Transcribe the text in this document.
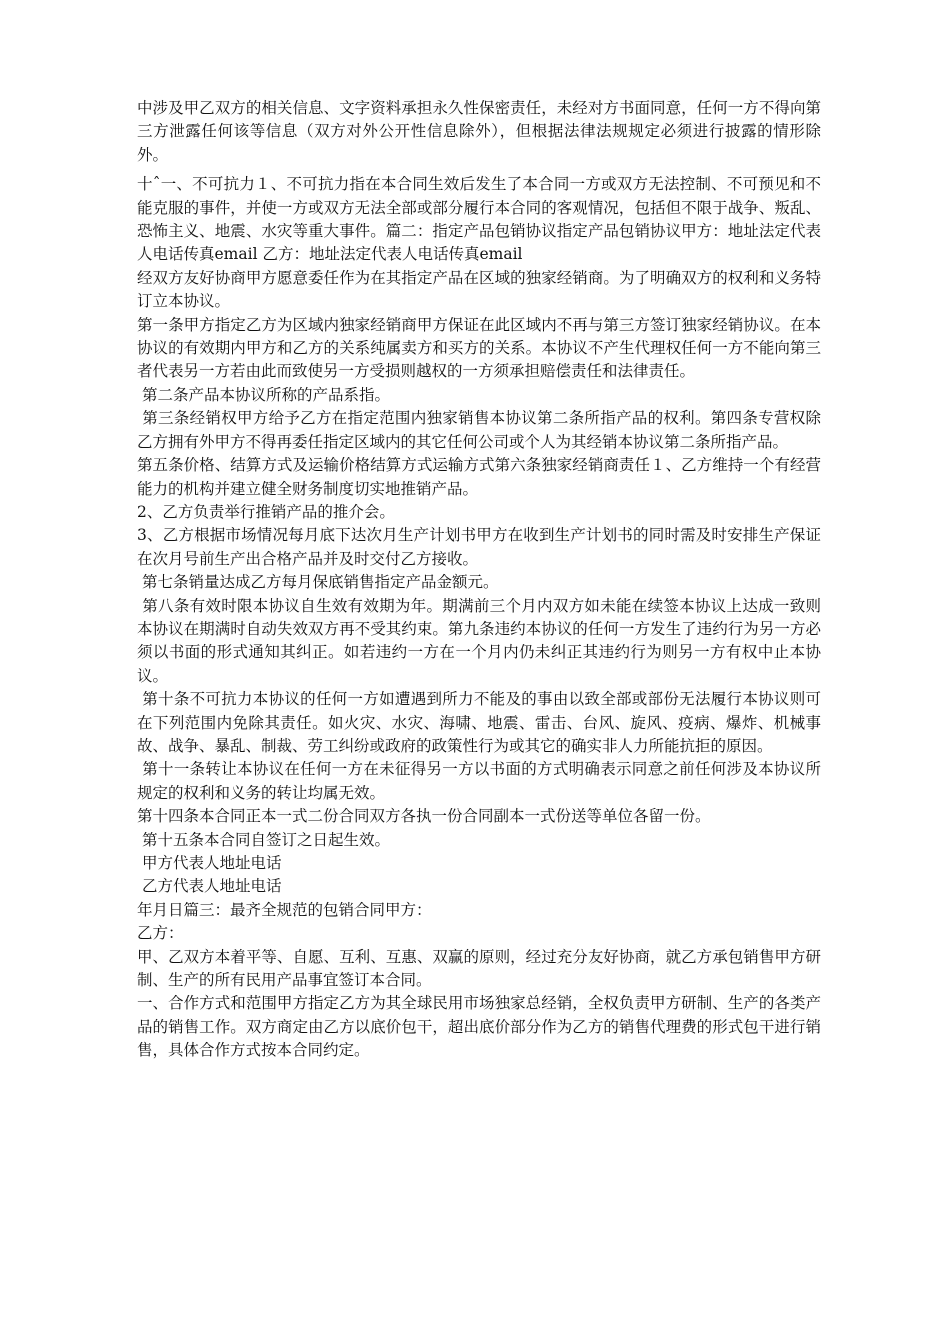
中涉及甲乙双方的相关信息、文字资料承担永久性保密责任，未经对方书面同意，任何一方不得向第三方泄露任何该等信息（双方对外公开性信息除外），但根据法律法规规定必须进行披露的情形除外。

十ˆ一、不可抗力１、不可抗力指在本合同生效后发生了本合同一方或双方无法控制、不可预见和不能克服的事件，并使一方或双方无法全部或部分履行本合同的客观情况，包括但不限于战争、叛乱、恐怖主义、地震、水灾等重大事件。篇二：指定产品包销协议指定产品包销协议甲方：地址法定代表人电话传真email 乙方：地址法定代表人电话传真email

经双方友好协商甲方愿意委任作为在其指定产品在区域的独家经销商。为了明确双方的权利和义务特订立本协议。

第一条甲方指定乙方为区域内独家经销商甲方保证在此区域内不再与第三方签订独家经销协议。在本协议的有效期内甲方和乙方的关系纯属卖方和买方的关系。本协议不产生代理权任何一方不能向第三者代表另一方若由此而致使另一方受损则越权的一方须承担赔偿责任和法律责任。

第二条产品本协议所称的产品系指。

第三条经销权甲方给予乙方在指定范围内独家销售本协议第二条所指产品的权利。第四条专营权除乙方拥有外甲方不得再委任指定区域内的其它任何公司或个人为其经销本协议第二条所指产品。

第五条价格、结算方式及运输价格结算方式运输方式第六条独家经销商责任１、乙方维持一个有经营能力的机构并建立健全财务制度切实地推销产品。

2、乙方负责举行推销产品的推介会。

3、乙方根据市场情况每月底下达次月生产计划书甲方在收到生产计划书的同时需及时安排生产保证在次月号前生产出合格产品并及时交付乙方接收。

第七条销量达成乙方每月保底销售指定产品金额元。

第八条有效时限本协议自生效有效期为年。期满前三个月内双方如未能在续签本协议上达成一致则本协议在期满时自动失效双方再不受其约束。第九条违约本协议的任何一方发生了违约行为另一方必须以书面的形式通知其纠正。如若违约一方在一个月内仍未纠正其违约行为则另一方有权中止本协议。

第十条不可抗力本协议的任何一方如遭遇到所力不能及的事由以致全部或部份无法履行本协议则可在下列范围内免除其责任。如火灾、水灾、海啸、地震、雷击、台风、旋风、疫病、爆炸、机械事故、战争、暴乱、制裁、劳工纠纷或政府的政策性行为或其它的确实非人力所能抗拒的原因。

第十一条转让本协议在任何一方在未征得另一方以书面的方式明确表示同意之前任何涉及本协议所规定的权利和义务的转让均属无效。

第十四条本合同正本一式二份合同双方各执一份合同副本一式份送等单位各留一份。

第十五条本合同自签订之日起生效。

甲方代表人地址电话

乙方代表人地址电话

年月日篇三：最齐全规范的包销合同甲方：

乙方：

甲、乙双方本着平等、自愿、互利、互惠、双赢的原则，经过充分友好协商，就乙方承包销售甲方研制、生产的所有民用产品事宜签订本合同。

一、合作方式和范围甲方指定乙方为其全球民用市场独家总经销，全权负责甲方研制、生产的各类产品的销售工作。双方商定由乙方以底价包干，超出底价部分作为乙方的销售代理费的形式包干进行销售，具体合作方式按本合同约定。
